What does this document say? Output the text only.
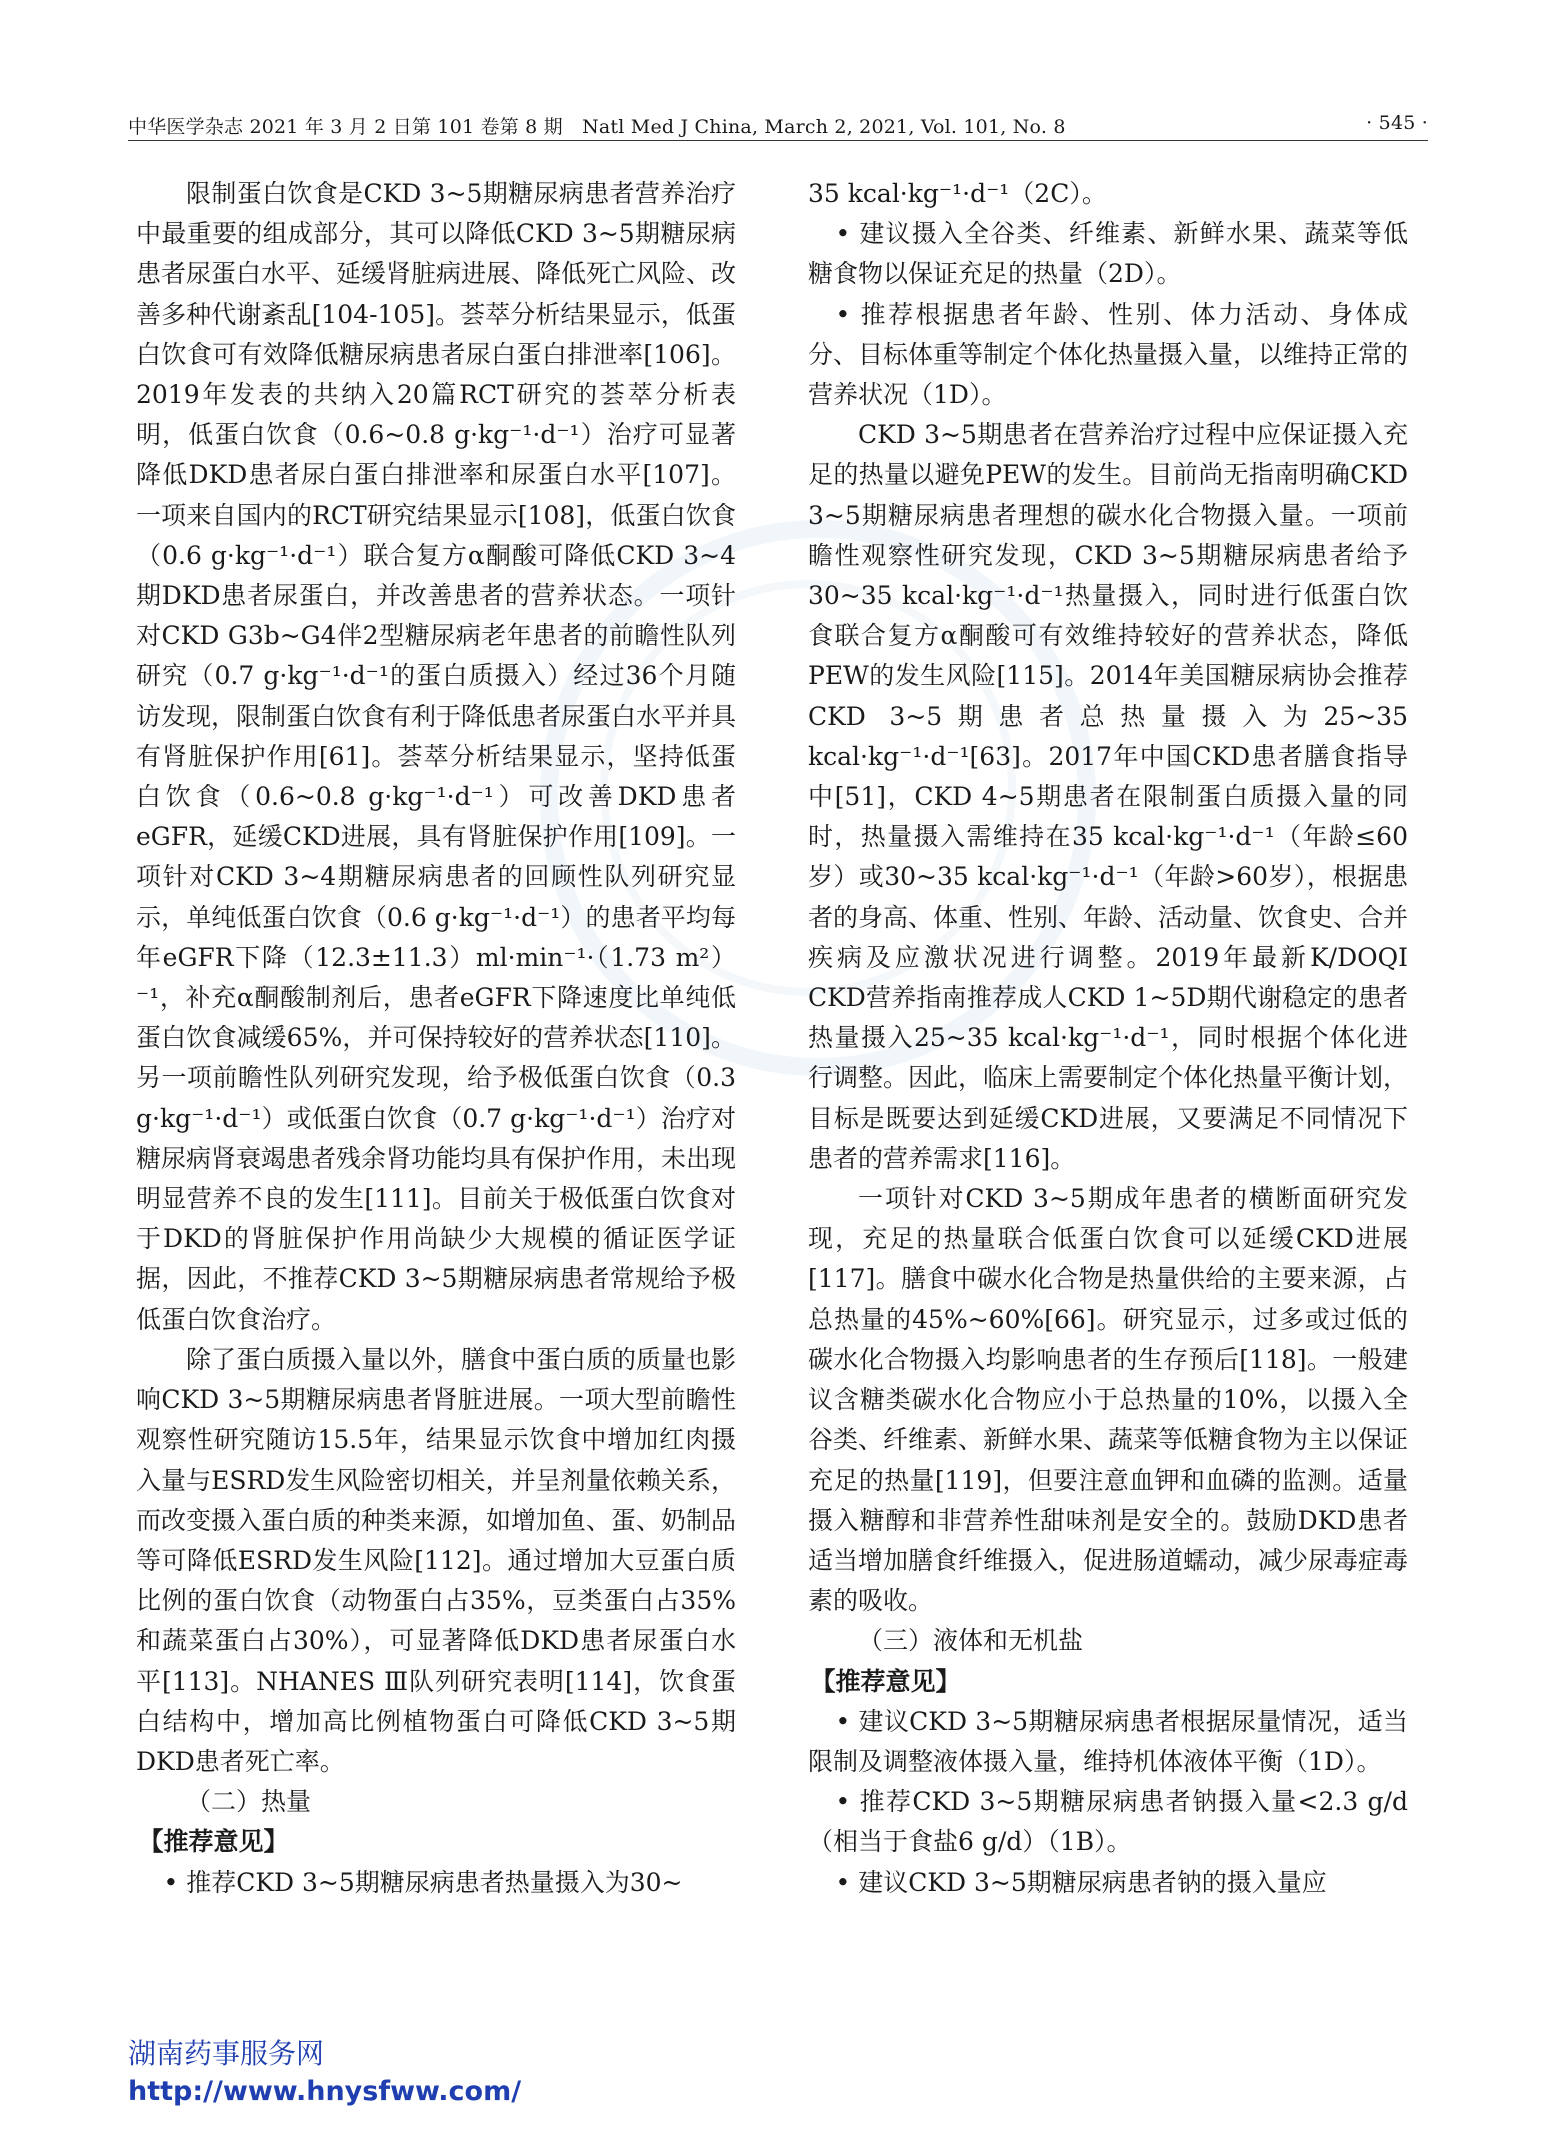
中华医学杂志 2021 年 3 月 2 日第 101 卷第 8 期　Natl Med J China, March 2, 2021, Vol. 101, No. 8	· 545 ·

限制蛋白饮食是CKD 3~5期糖尿病患者营养治疗中最重要的组成部分，其可以降低CKD 3~5期糖尿病患者尿蛋白水平、延缓肾脏病进展、降低死亡风险、改善多种代谢紊乱[104-105]。荟萃分析结果显示，低蛋白饮食可有效降低糖尿病患者尿白蛋白排泄率[106]。2019年发表的共纳入20篇RCT研究的荟萃分析表明，低蛋白饮食（0.6~0.8 g·kg⁻¹·d⁻¹）治疗可显著降低DKD患者尿白蛋白排泄率和尿蛋白水平[107]。一项来自国内的RCT研究结果显示[108]，低蛋白饮食（0.6 g·kg⁻¹·d⁻¹）联合复方α酮酸可降低CKD 3~4期DKD患者尿蛋白，并改善患者的营养状态。一项针对CKD G3b~G4伴2型糖尿病老年患者的前瞻性队列研究（0.7 g·kg⁻¹·d⁻¹的蛋白质摄入）经过36个月随访发现，限制蛋白饮食有利于降低患者尿蛋白水平并具有肾脏保护作用[61]。荟萃分析结果显示，坚持低蛋白饮食（0.6~0.8 g·kg⁻¹·d⁻¹）可改善DKD患者eGFR，延缓CKD进展，具有肾脏保护作用[109]。一项针对CKD 3~4期糖尿病患者的回顾性队列研究显示，单纯低蛋白饮食（0.6 g·kg⁻¹·d⁻¹）的患者平均每年eGFR下降（12.3±11.3）ml·min⁻¹·（1.73 m²）⁻¹，补充α酮酸制剂后，患者eGFR下降速度比单纯低蛋白饮食减缓65%，并可保持较好的营养状态[110]。另一项前瞻性队列研究发现，给予极低蛋白饮食（0.3 g·kg⁻¹·d⁻¹）或低蛋白饮食（0.7 g·kg⁻¹·d⁻¹）治疗对糖尿病肾衰竭患者残余肾功能均具有保护作用，未出现明显营养不良的发生[111]。目前关于极低蛋白饮食对于DKD的肾脏保护作用尚缺少大规模的循证医学证据，因此，不推荐CKD 3~5期糖尿病患者常规给予极低蛋白饮食治疗。

除了蛋白质摄入量以外，膳食中蛋白质的质量也影响CKD 3~5期糖尿病患者肾脏进展。一项大型前瞻性观察性研究随访15.5年，结果显示饮食中增加红肉摄入量与ESRD发生风险密切相关，并呈剂量依赖关系，而改变摄入蛋白质的种类来源，如增加鱼、蛋、奶制品等可降低ESRD发生风险[112]。通过增加大豆蛋白质比例的蛋白饮食（动物蛋白占35%，豆类蛋白占35%和蔬菜蛋白占30%），可显著降低DKD患者尿蛋白水平[113]。NHANES Ⅲ队列研究表明[114]，饮食蛋白结构中，增加高比例植物蛋白可降低CKD 3~5期DKD患者死亡率。

（二）热量

【推荐意见】

• 推荐CKD 3~5期糖尿病患者热量摄入为30~

35 kcal·kg⁻¹·d⁻¹（2C）。

• 建议摄入全谷类、纤维素、新鲜水果、蔬菜等低糖食物以保证充足的热量（2D）。

• 推荐根据患者年龄、性别、体力活动、身体成分、目标体重等制定个体化热量摄入量，以维持正常的营养状况（1D）。

CKD 3~5期患者在营养治疗过程中应保证摄入充足的热量以避免PEW的发生。目前尚无指南明确CKD 3~5期糖尿病患者理想的碳水化合物摄入量。一项前瞻性观察性研究发现，CKD 3~5期糖尿病患者给予30~35 kcal·kg⁻¹·d⁻¹热量摄入，同时进行低蛋白饮食联合复方α酮酸可有效维持较好的营养状态，降低PEW的发生风险[115]。2014年美国糖尿病协会推荐CKD 3~5期患者总热量摄入为25~35 kcal·kg⁻¹·d⁻¹[63]。2017年中国CKD患者膳食指导中[51]，CKD 4~5期患者在限制蛋白质摄入量的同时，热量摄入需维持在35 kcal·kg⁻¹·d⁻¹（年龄≤60岁）或30~35 kcal·kg⁻¹·d⁻¹（年龄>60岁），根据患者的身高、体重、性别、年龄、活动量、饮食史、合并疾病及应激状况进行调整。2019年最新K/DOQI CKD营养指南推荐成人CKD 1~5D期代谢稳定的患者热量摄入25~35 kcal·kg⁻¹·d⁻¹，同时根据个体化进行调整。因此，临床上需要制定个体化热量平衡计划，目标是既要达到延缓CKD进展，又要满足不同情况下患者的营养需求[116]。

一项针对CKD 3~5期成年患者的横断面研究发现，充足的热量联合低蛋白饮食可以延缓CKD进展[117]。膳食中碳水化合物是热量供给的主要来源，占总热量的45%~60%[66]。研究显示，过多或过低的碳水化合物摄入均影响患者的生存预后[118]。一般建议含糖类碳水化合物应小于总热量的10%，以摄入全谷类、纤维素、新鲜水果、蔬菜等低糖食物为主以保证充足的热量[119]，但要注意血钾和血磷的监测。适量摄入糖醇和非营养性甜味剂是安全的。鼓励DKD患者适当增加膳食纤维摄入，促进肠道蠕动，减少尿毒症毒素的吸收。

（三）液体和无机盐

【推荐意见】

• 建议CKD 3~5期糖尿病患者根据尿量情况，适当限制及调整液体摄入量，维持机体液体平衡（1D）。

• 推荐CKD 3~5期糖尿病患者钠摄入量<2.3 g/d（相当于食盐6 g/d）（1B）。

• 建议CKD 3~5期糖尿病患者钠的摄入量应

湖南药事服务网
http://www.hnysfww.com/
